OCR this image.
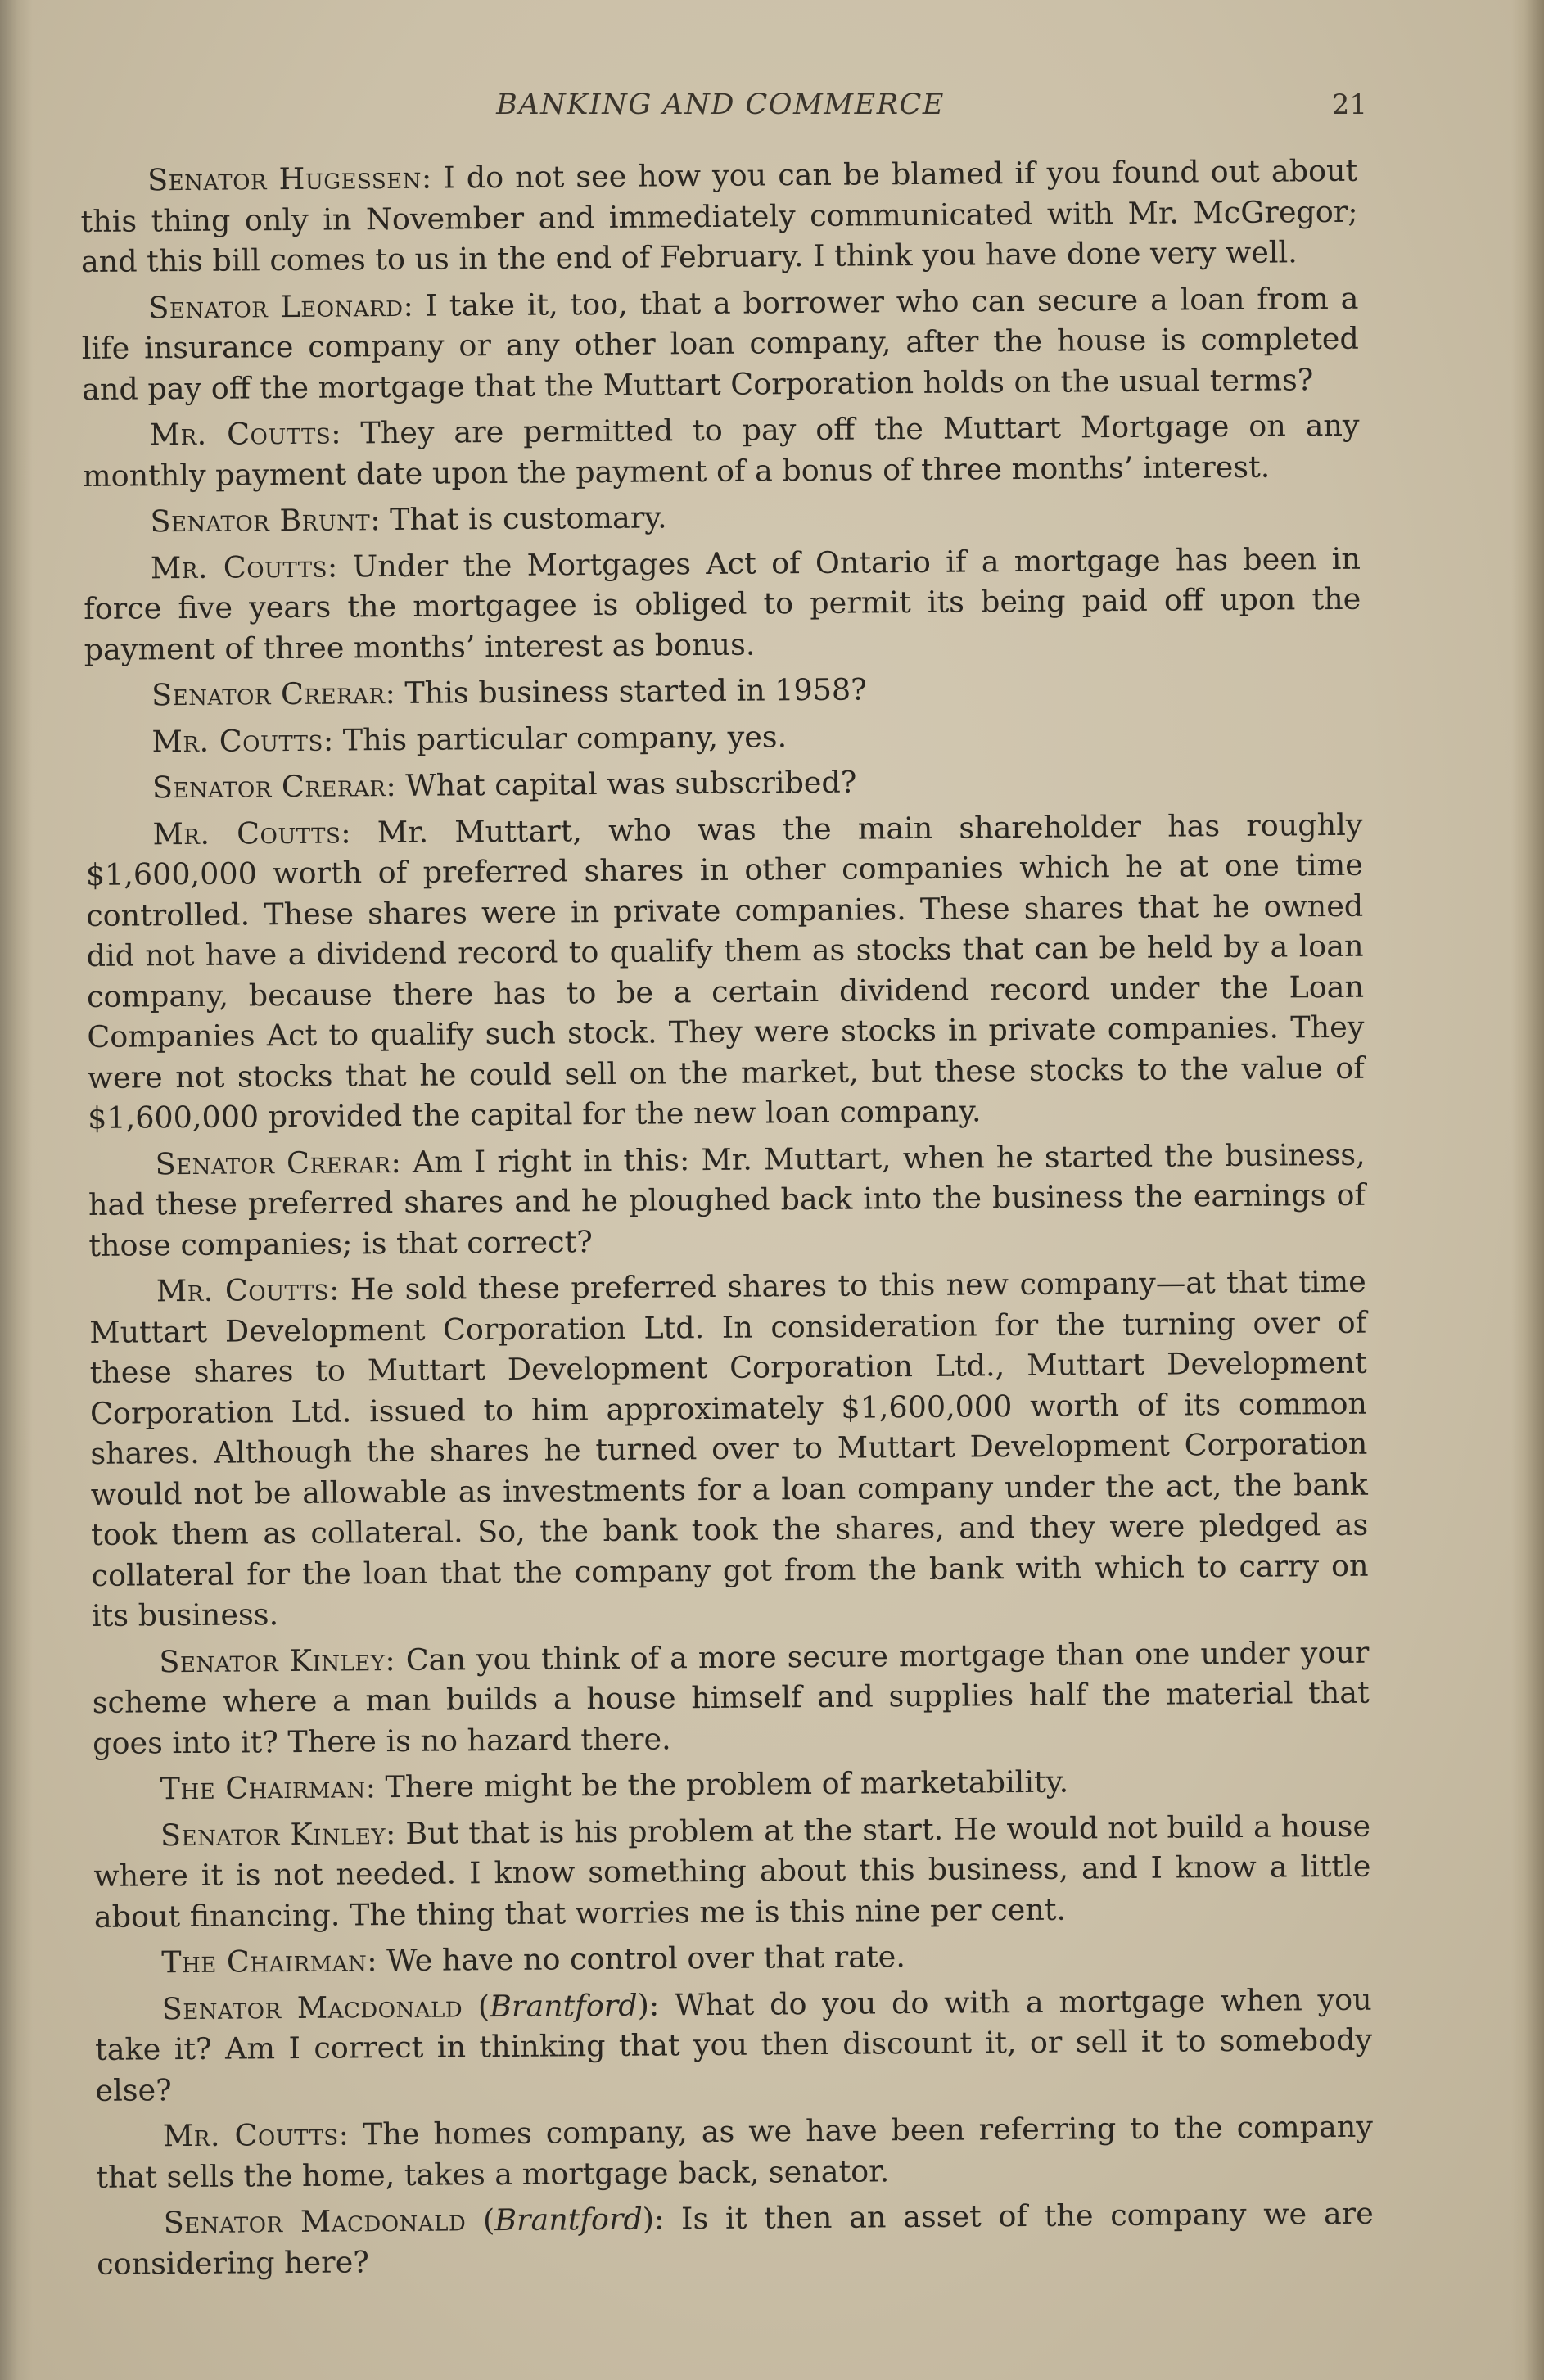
BANKING AND COMMERCE	21

Senator Hugessen: I do not see how you can be blamed if you found out about this thing only in November and immediately communicated with Mr. McGregor; and this bill comes to us in the end of February. I think you have done very well.

Senator Leonard: I take it, too, that a borrower who can secure a loan from a life insurance company or any other loan company, after the house is completed and pay off the mortgage that the Muttart Corporation holds on the usual terms?

Mr. Coutts: They are permitted to pay off the Muttart Mortgage on any monthly payment date upon the payment of a bonus of three months’ interest.

Senator Brunt: That is customary.

Mr. Coutts: Under the Mortgages Act of Ontario if a mortgage has been in force five years the mortgagee is obliged to permit its being paid off upon the payment of three months’ interest as bonus.

Senator Crerar: This business started in 1958?

Mr. Coutts: This particular company, yes.

Senator Crerar: What capital was subscribed?

Mr. Coutts: Mr. Muttart, who was the main shareholder has roughly $1,600,000 worth of preferred shares in other companies which he at one time controlled. These shares were in private companies. These shares that he owned did not have a dividend record to qualify them as stocks that can be held by a loan company, because there has to be a certain dividend record under the Loan Companies Act to qualify such stock. They were stocks in private companies. They were not stocks that he could sell on the market, but these stocks to the value of $1,600,000 provided the capital for the new loan company.

Senator Crerar: Am I right in this: Mr. Muttart, when he started the business, had these preferred shares and he ploughed back into the business the earnings of those companies; is that correct?

Mr. Coutts: He sold these preferred shares to this new company—at that time Muttart Development Corporation Ltd. In consideration for the turning over of these shares to Muttart Development Corporation Ltd., Muttart Development Corporation Ltd. issued to him approximately $1,600,000 worth of its common shares. Although the shares he turned over to Muttart Development Corporation would not be allowable as investments for a loan company under the act, the bank took them as collateral. So, the bank took the shares, and they were pledged as collateral for the loan that the company got from the bank with which to carry on its business.

Senator Kinley: Can you think of a more secure mortgage than one under your scheme where a man builds a house himself and supplies half the material that goes into it? There is no hazard there.

The Chairman: There might be the problem of marketability.

Senator Kinley: But that is his problem at the start. He would not build a house where it is not needed. I know something about this business, and I know a little about financing. The thing that worries me is this nine per cent.

The Chairman: We have no control over that rate.

Senator Macdonald (Brantford): What do you do with a mortgage when you take it? Am I correct in thinking that you then discount it, or sell it to somebody else?

Mr. Coutts: The homes company, as we have been referring to the company that sells the home, takes a mortgage back, senator.

Senator Macdonald (Brantford): Is it then an asset of the company we are considering here?
